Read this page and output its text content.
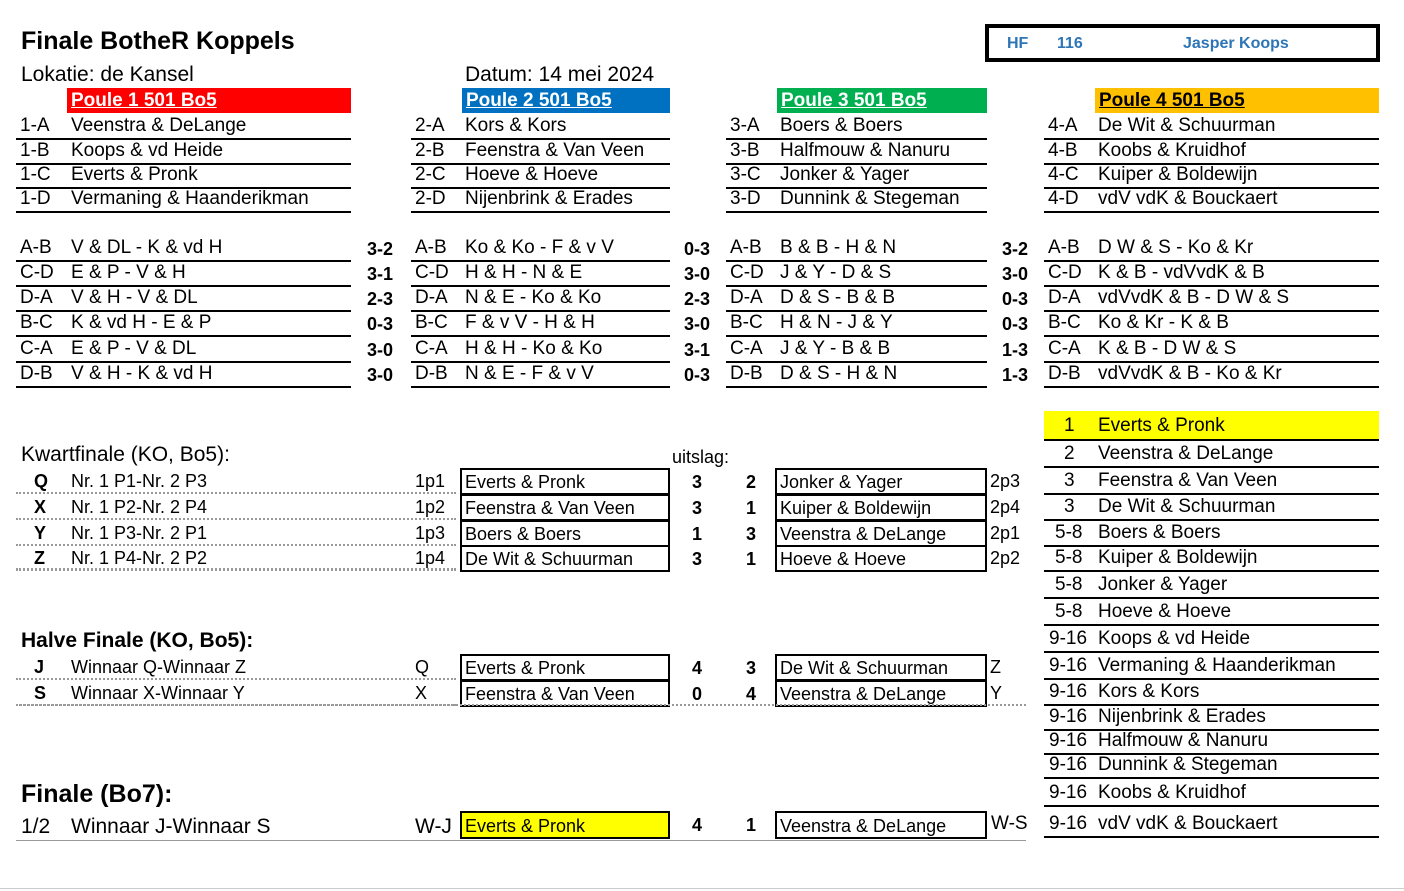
Finale BotheR Koppels
Lokatie: de Kansel	Datum: 14 mei 2024
HF 116	Jasper Koops
Poule 1 501 Bo5	Poule 2 501 Bo5	Poule 3 501 Bo5	Poule 4 501 Bo5
1-A Veenstra & DeLange
1-B Koops & vd Heide
1-C Everts & Pronk
1-D Vermaning & Haanderikman
A-B V & DL - K & vd H	3-2
C-D E & P - V & H	3-1
D-A V & H - V & DL	2-3
B-C K & vd H - E & P	0-3
C-A E & P - V & DL	3-0
D-B V & H - K & vd H	3-0
2-A Kors & Kors
2-B Feenstra & Van Veen
2-C Hoeve & Hoeve
2-D Nijenbrink & Erades
A-B Ko & Ko - F & v V	0-3
C-D H & H - N & E	3-0
D-A N & E - Ko & Ko	2-3
B-C F & v V - H & H	3-0
C-A H & H - Ko & Ko	3-1
D-B N & E - F & v V	0-3
3-A Boers & Boers
3-B Halfmouw & Nanuru
3-C Jonker & Yager
3-D Dunnink & Stegeman
A-B B & B - H & N	3-2
C-D J & Y - D & S	3-0
D-A D & S - B & B	0-3
B-C H & N - J & Y	0-3
C-A J & Y - B & B	1-3
D-B D & S - H & N	1-3
4-A De Wit & Schuurman
4-B Koobs & Kruidhof
4-C Kuiper & Boldewijn
4-D vdV vdK & Bouckaert
A-B D W & S - Ko & Kr
C-D K & B - vdVvdK & B
D-A vdVvdK & B - D W & S
B-C Ko & Kr - K & B
C-A K & B - D W & S
D-B vdVvdK & B - Ko & Kr
Kwartfinale (KO, Bo5):	uitslag:
Q Nr. 1 P1-Nr. 2 P3	1p1 Everts & Pronk	3 2 Jonker & Yager	2p3
X Nr. 1 P2-Nr. 2 P4	1p2 Feenstra & Van Veen	3 1 Kuiper & Boldewijn	2p4
Y Nr. 1 P3-Nr. 2 P1	1p3 Boers & Boers	1 3 Veenstra & DeLange	2p1
Z Nr. 1 P4-Nr. 2 P2	1p4 De Wit & Schuurman	3 1 Hoeve & Hoeve	2p2
Halve Finale (KO, Bo5):
J Winnaar Q-Winnaar Z	Q Everts & Pronk	4 3 De Wit & Schuurman	Z
S Winnaar X-Winnaar Y	X Feenstra & Van Veen	0 4 Veenstra & DeLange	Y
Finale (Bo7):
1/2 Winnaar J-Winnaar S	W-J Everts & Pronk	4 1 Veenstra & DeLange	W-S
1 Everts & Pronk
2 Veenstra & DeLange
3 Feenstra & Van Veen
3 De Wit & Schuurman
5-8 Boers & Boers
5-8 Kuiper & Boldewijn
5-8 Jonker & Yager
5-8 Hoeve & Hoeve
9-16 Koops & vd Heide
9-16 Vermaning & Haanderikman
9-16 Kors & Kors
9-16 Nijenbrink & Erades
9-16 Halfmouw & Nanuru
9-16 Dunnink & Stegeman
9-16 Koobs & Kruidhof
9-16 vdV vdK & Bouckaert
